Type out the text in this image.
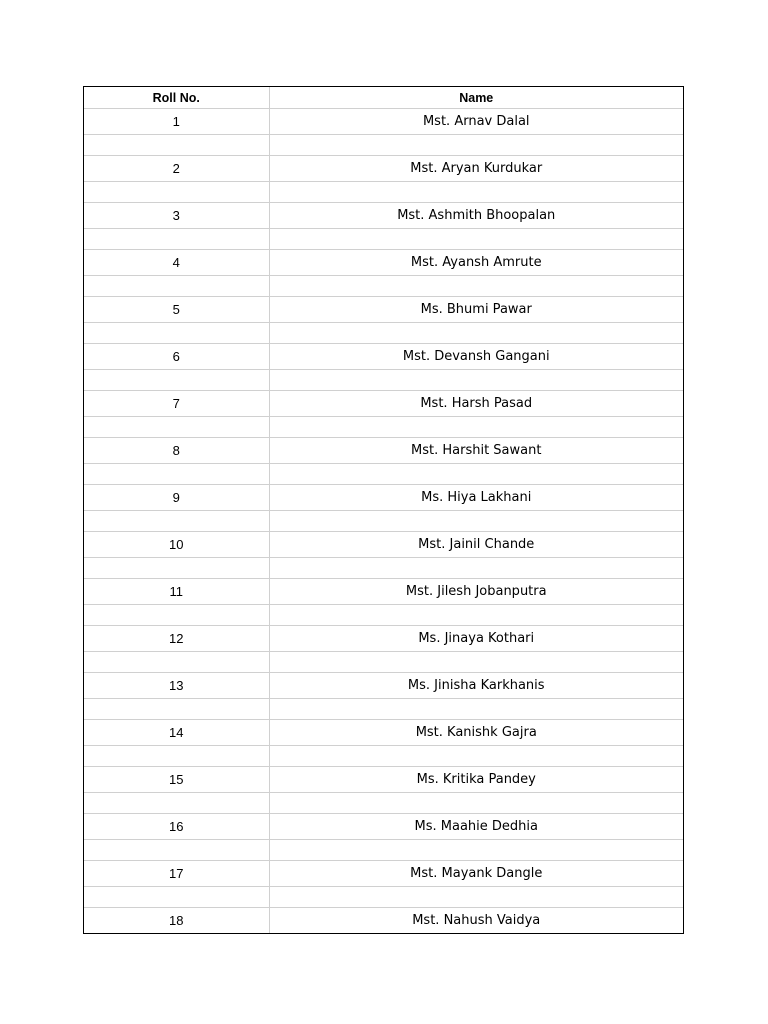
Roll No.	Name
1	Mst. Arnav Dalal

2	Mst. Aryan Kurdukar

3	Mst. Ashmith Bhoopalan

4	Mst. Ayansh Amrute

5	Ms. Bhumi Pawar

6	Mst. Devansh Gangani

7	Mst. Harsh Pasad

8	Mst. Harshit Sawant

9	Ms. Hiya Lakhani

10	Mst. Jainil Chande

11	Mst. Jilesh Jobanputra

12	Ms. Jinaya Kothari

13	Ms. Jinisha Karkhanis

14	Mst. Kanishk Gajra

15	Ms. Kritika Pandey

16	Ms. Maahie Dedhia

17	Mst. Mayank Dangle

18	Mst. Nahush Vaidya
